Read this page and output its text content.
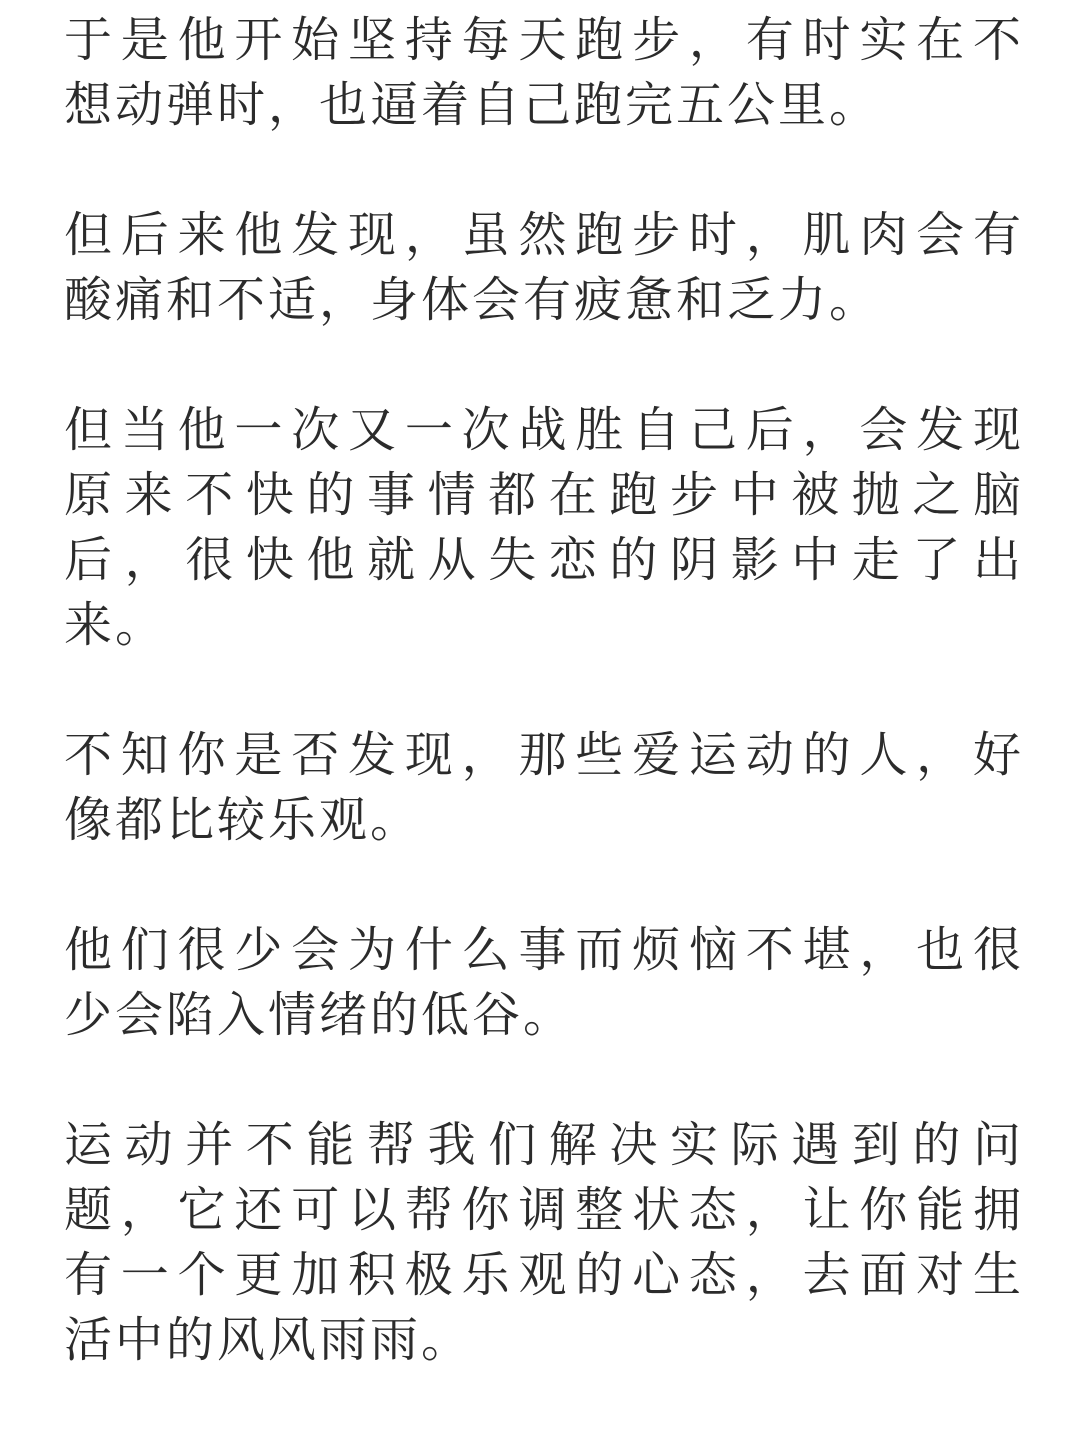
于是他开始坚持每天跑步，有时实在不
想动弹时，也逼着自己跑完五公里。

但后来他发现，虽然跑步时，肌肉会有
酸痛和不适，身体会有疲惫和乏力。

但当他一次又一次战胜自己后，会发现
原来不快的事情都在跑步中被抛之脑
后，很快他就从失恋的阴影中走了出
来。

不知你是否发现，那些爱运动的人，好
像都比较乐观。

他们很少会为什么事而烦恼不堪，也很
少会陷入情绪的低谷。

运动并不能帮我们解决实际遇到的问
题，它还可以帮你调整状态，让你能拥
有一个更加积极乐观的心态，去面对生
活中的风风雨雨。
